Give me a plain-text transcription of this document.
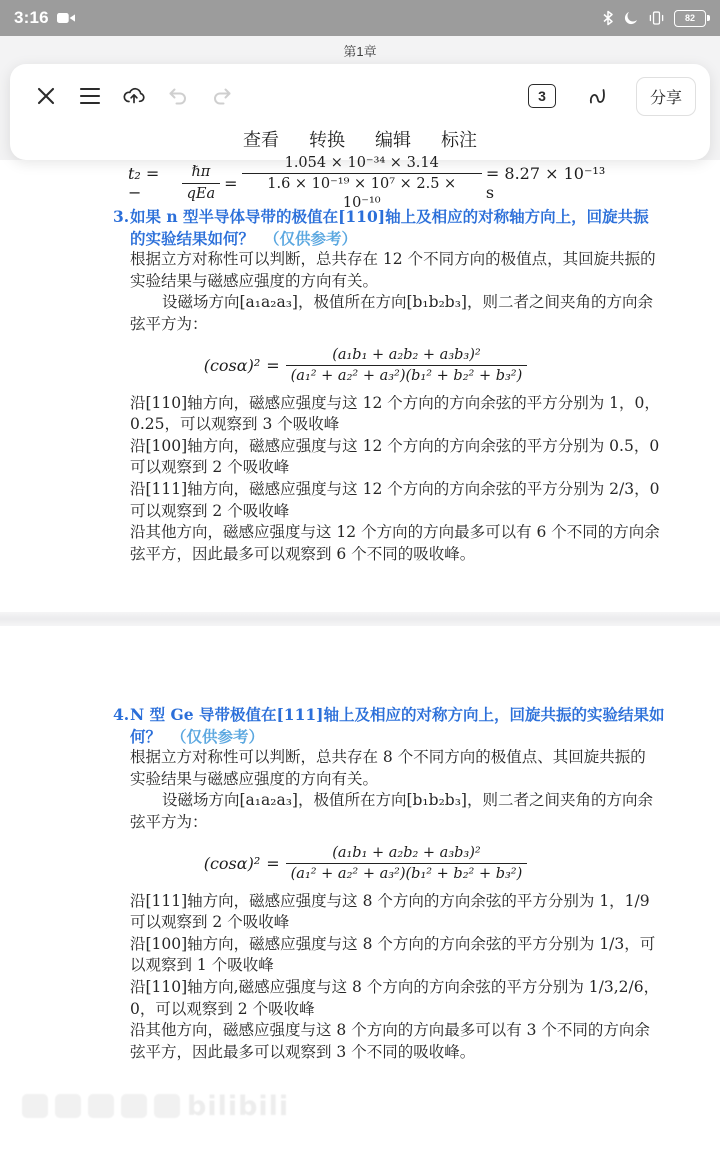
3:16	82
第1章
3	分享
查看 转换 编辑 标注
t₂ = −	$\frac{\text{ℏπ}}{\text{qEa}} = \frac{\text{1.054 × 10⁻³⁴ × 3.14}}{\text{1.6 × 10⁻¹⁹ × 10⁷ × 2.5 × 10⁻¹⁰}} = 8.27 \times 10^{-13}$ s
3.如果 n 型半导体导带的极值在[110]轴上及相应的对称轴方向上，回旋共振
的实验结果如何？ （仅供参考）
根据立方对称性可以判断，总共存在 12 个不同方向的极值点，其回旋共振的
实验结果与磁感应强度的方向有关。
设磁场方向[a₁a₂a₃]，极值所在方向[b₁b₂b₃]，则二者之间夹角的方向余
弦平方为：
$(\cos\alpha)^2 = \frac{\text{(a₁b₁ + a₂b₂ + a₃b₃)²}}{\text{(a₁² + a₂² + a₃²)(b₁² + b₂² + b₃²)}}$
沿[110]轴方向，磁感应强度与这 12 个方向的方向余弦的平方分别为 1，0，
0.25，可以观察到 3 个吸收峰
沿[100]轴方向，磁感应强度与这 12 个方向的方向余弦的平方分别为 0.5，0
可以观察到 2 个吸收峰
沿[111]轴方向，磁感应强度与这 12 个方向的方向余弦的平方分别为 2/3，0
可以观察到 2 个吸收峰
沿其他方向，磁感应强度与这 12 个方向的方向最多可以有 6 个不同的方向余
弦平方，因此最多可以观察到 6 个不同的吸收峰。
4.N 型 Ge 导带极值在[111]轴上及相应的对称方向上，回旋共振的实验结果如
何？ （仅供参考）
根据立方对称性可以判断，总共存在 8 个不同方向的极值点、其回旋共振的
实验结果与磁感应强度的方向有关。
设磁场方向[a₁a₂a₃]，极值所在方向[b₁b₂b₃]，则二者之间夹角的方向余
弦平方为：
$(\cos\alpha)^2 = \frac{\text{(a₁b₁ + a₂b₂ + a₃b₃)²}}{\text{(a₁² + a₂² + a₃²)(b₁² + b₂² + b₃²)}}$
沿[111]轴方向，磁感应强度与这 8 个方向的方向余弦的平方分别为 1，1/9
可以观察到 2 个吸收峰
沿[100]轴方向，磁感应强度与这 8 个方向的方向余弦的平方分别为 1/3，可
以观察到 1 个吸收峰
沿[110]轴方向,磁感应强度与这 8 个方向的方向余弦的平方分别为 1/3,2/6，
0，可以观察到 2 个吸收峰
沿其他方向，磁感应强度与这 8 个方向的方向最多可以有 3 个不同的方向余
弦平方，因此最多可以观察到 3 个不同的吸收峰。
bilibili
